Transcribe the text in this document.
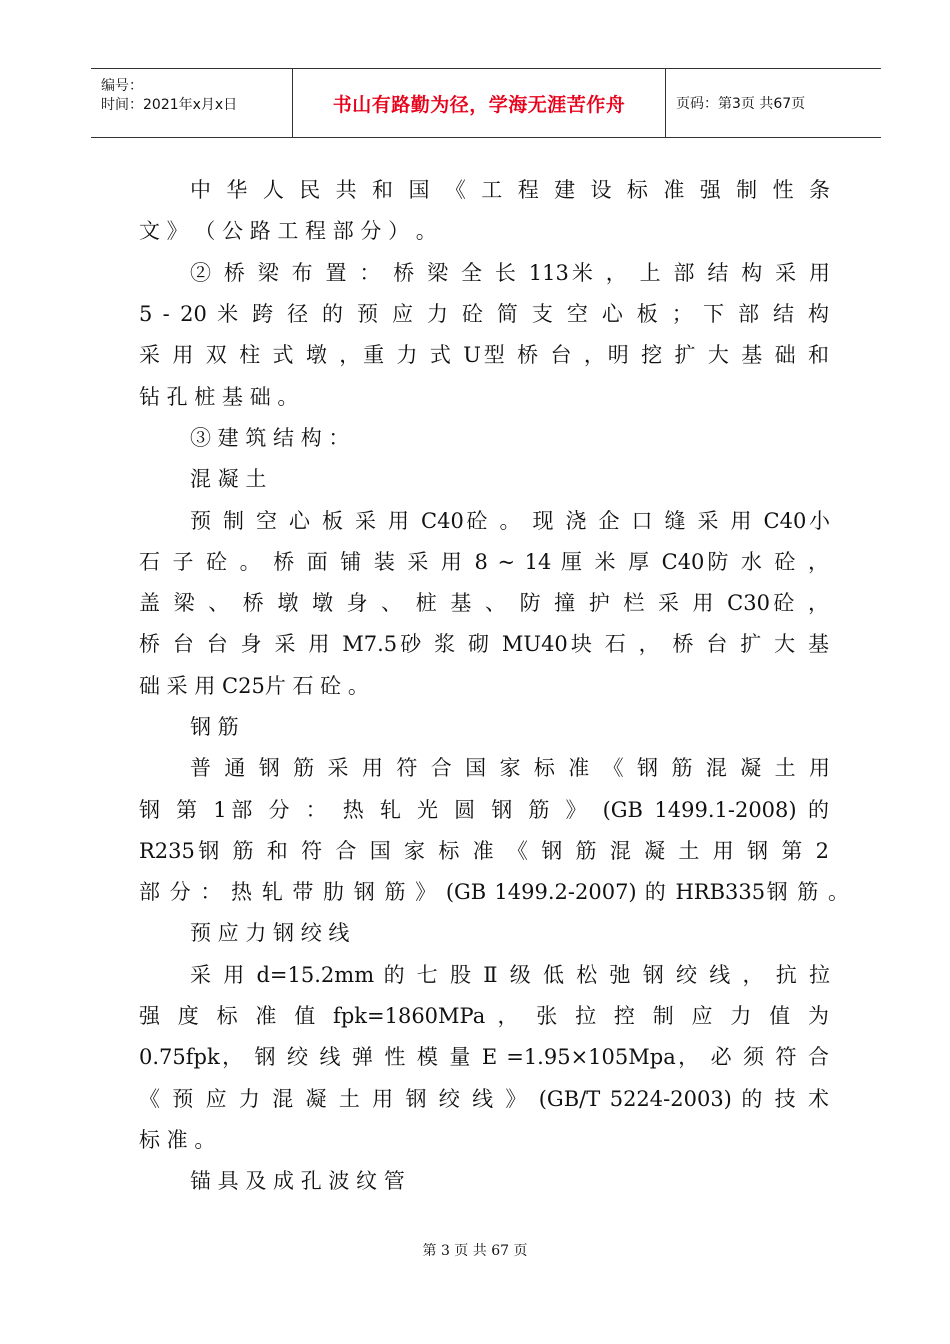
编号：
时间：2021年x月x日	书山有路勤为径，学海无涯苦作舟	页码：第3页 共67页
中 华 人 民 共 和 国 《 工 程 建 设 标 准 强 制 性 条
文 》 （ 公 路 工 程 部 分 ） 。
② 桥 梁 布 置 ： 桥 梁 全 长 113米 ， 上 部 结 构 采 用
5 - 20 米 跨 径 的 预 应 力 砼 简 支 空 心 板 ； 下 部 结 构
采 用 双 柱 式 墩 ，重 力 式 U型 桥 台 ，明 挖 扩 大 基 础 和
钻 孔 桩 基 础 。
③ 建 筑 结 构 ：
混 凝 土
预 制 空 心 板 采 用 C40砼 。 现 浇 企 口 缝 采 用 C40小
石 子 砼 。 桥 面 铺 装 采 用 8 ~ 14 厘 米 厚 C40防 水 砼 ，
盖 梁 、 桥 墩 墩 身 、 桩 基 、 防 撞 护 栏 采 用 C30砼 ，
桥 台 台 身 采 用 M7.5砂 浆 砌 MU40块 石 ， 桥 台 扩 大 基
础 采 用 C25片 石 砼 。
钢 筋
普 通 钢 筋 采 用 符 合 国 家 标 准 《 钢 筋 混 凝 土 用
钢 第 1部 分 ： 热 轧 光 圆 钢 筋 》 (GB 1499.1-2008) 的
R235钢 筋 和 符 合 国 家 标 准 《 钢 筋 混 凝 土 用 钢 第 2
部 分 ： 热 轧 带 肋 钢 筋 》 (GB 1499.2-2007) 的 HRB335钢 筋 。
预 应 力 钢 绞 线
采 用 d=15.2mm 的 七 股 Ⅱ 级 低 松 弛 钢 绞 线 ， 抗 拉
强 度 标 准 值 fpk=1860MPa ， 张 拉 控 制 应 力 值 为
0.75fpk， 钢 绞 线 弹 性 模 量 E =1.95×105Mpa， 必 须 符 合
《 预 应 力 混 凝 土 用 钢 绞 线 》 (GB/T 5224-2003) 的 技 术
标 准 。
锚 具 及 成 孔 波 纹 管
第 3 页 共 67 页
